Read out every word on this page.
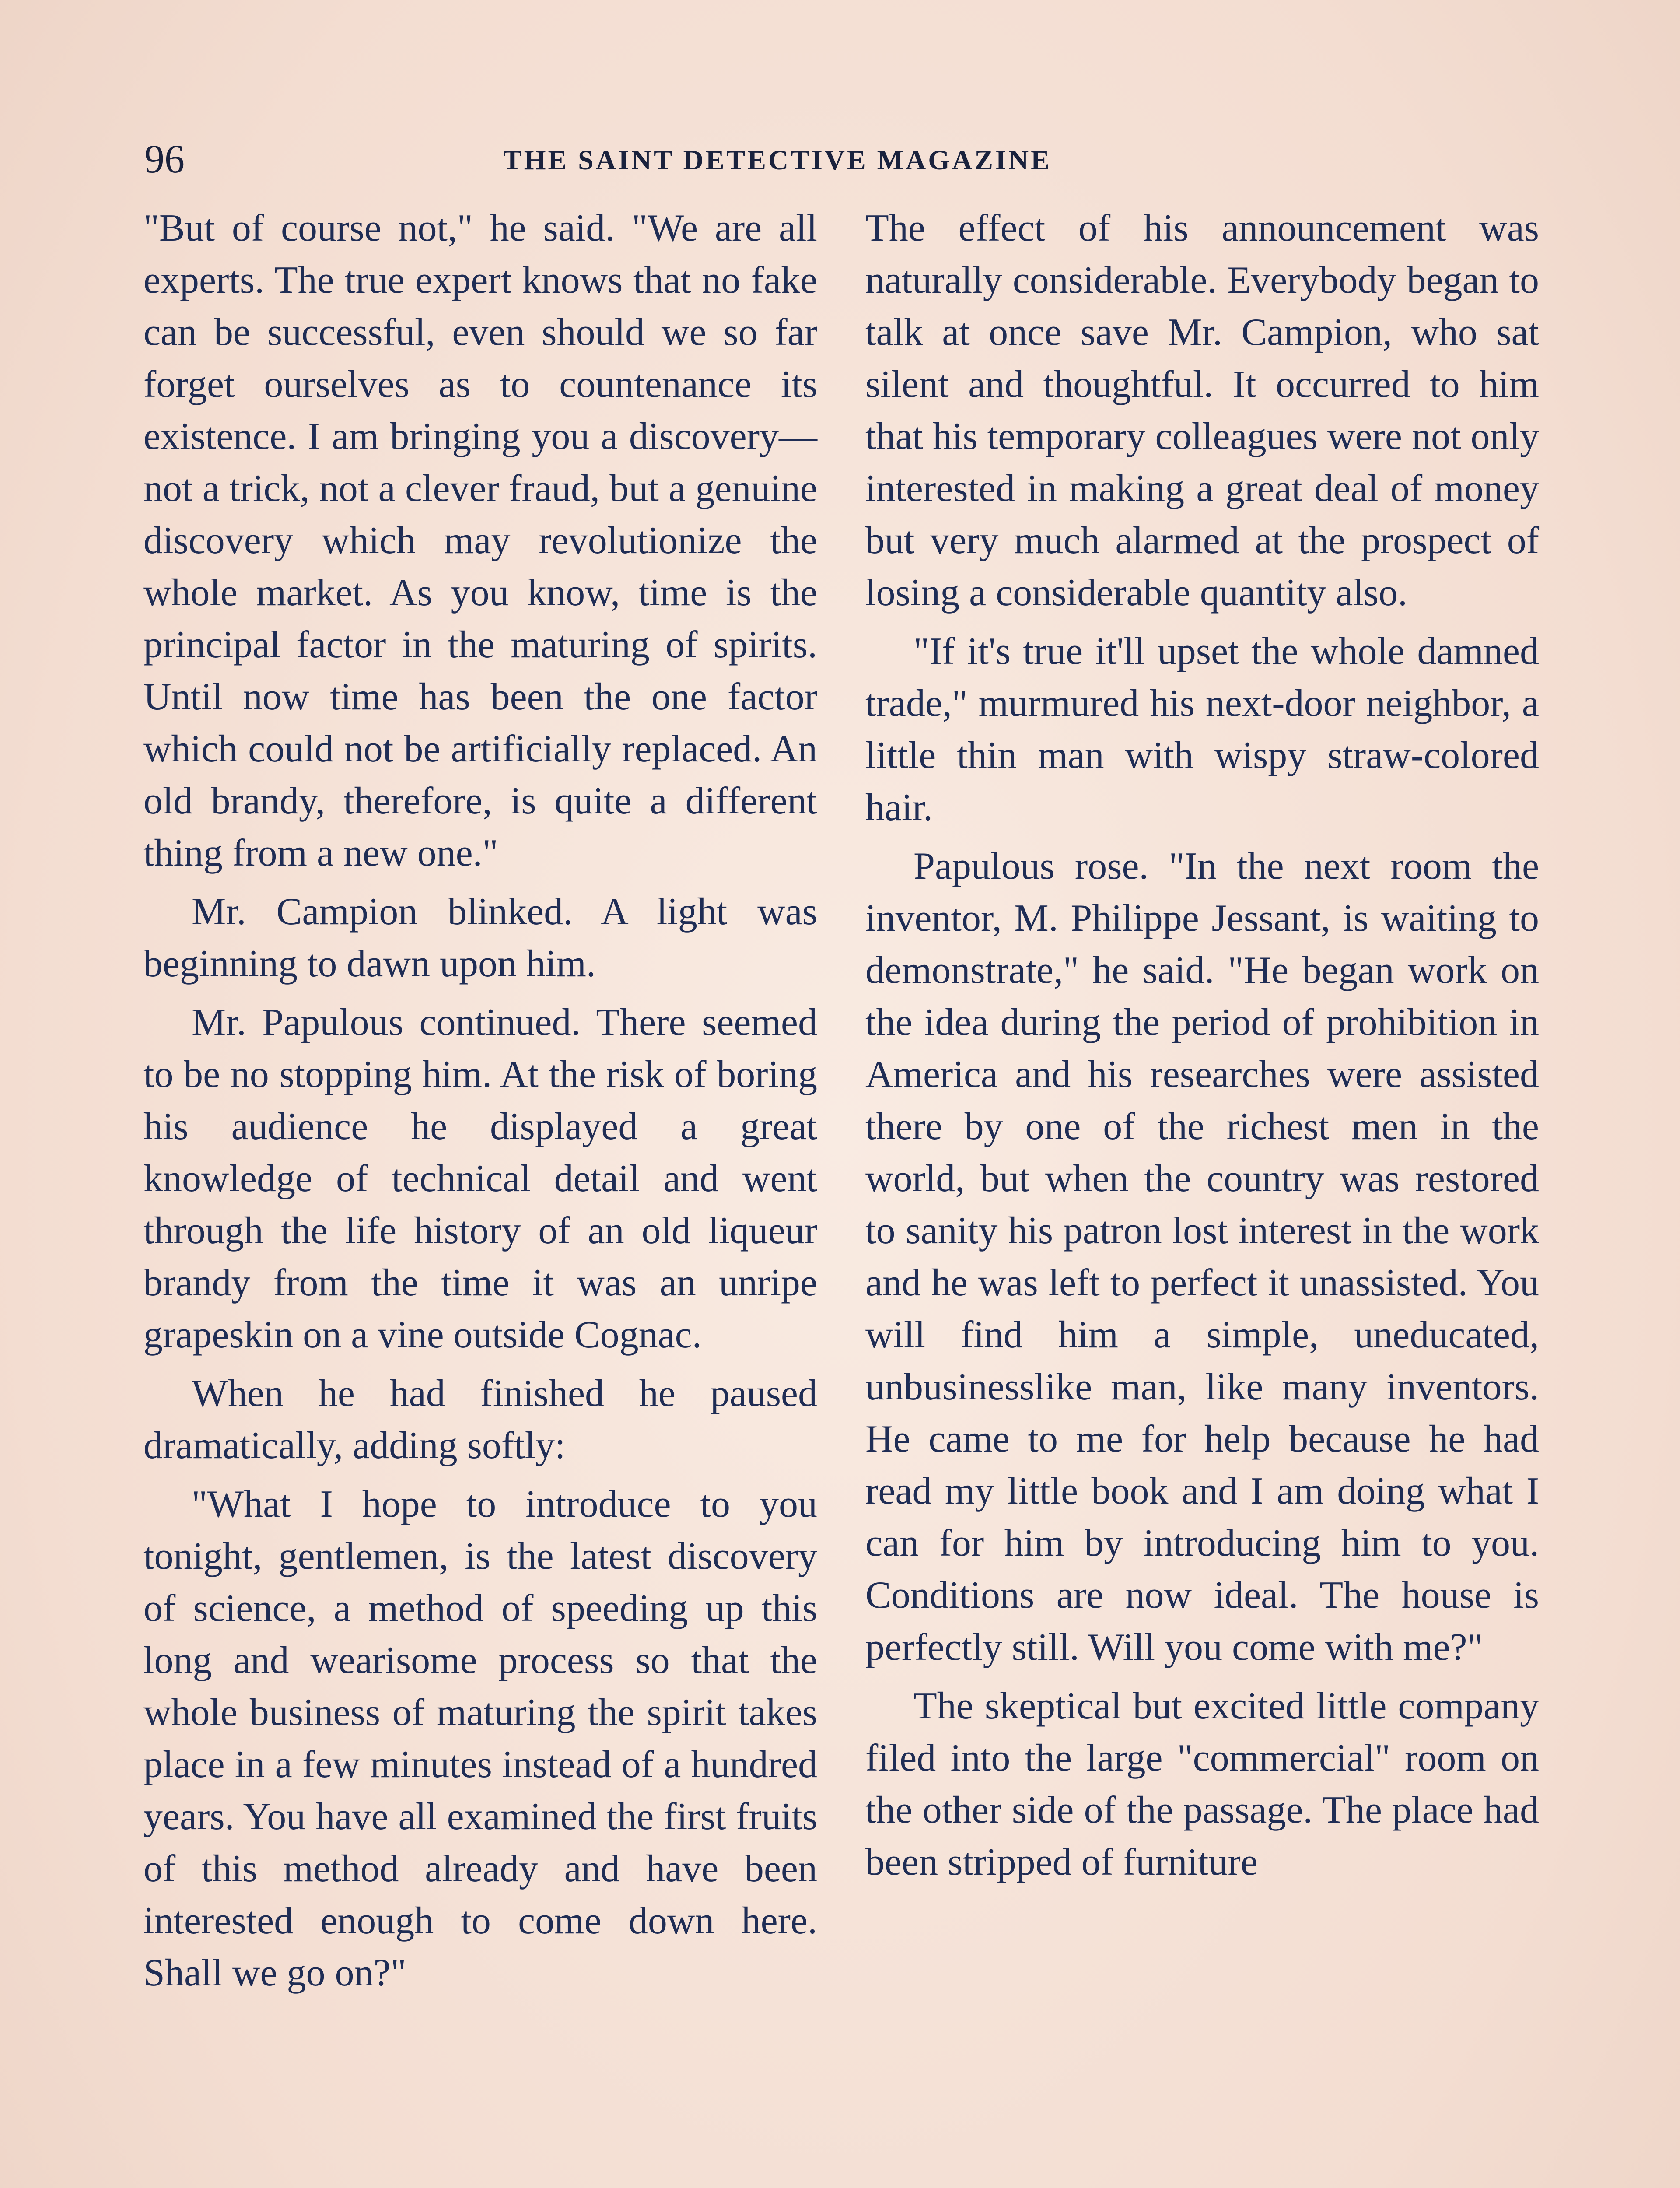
96	THE SAINT DETECTIVE MAGAZINE

"But of course not," he said. "We are all experts. The true expert knows that no fake can be successful, even should we so far forget ourselves as to countenance its existence. I am bringing you a discovery—not a trick, not a clever fraud, but a genuine discovery which may revolutionize the whole market. As you know, time is the principal factor in the maturing of spirits. Until now time has been the one factor which could not be artificially replaced. An old brandy, therefore, is quite a different thing from a new one."

Mr. Campion blinked. A light was beginning to dawn upon him.

Mr. Papulous continued. There seemed to be no stopping him. At the risk of boring his audience he displayed a great knowledge of technical detail and went through the life history of an old liqueur brandy from the time it was an unripe grapeskin on a vine outside Cognac.

When he had finished he paused dramatically, adding softly:

"What I hope to introduce to you tonight, gentlemen, is the latest discovery of science, a method of speeding up this long and wearisome process so that the whole business of maturing the spirit takes place in a few minutes instead of a hundred years. You have all examined the first fruits of this method already and have been interested enough to come down here. Shall we go on?"

The effect of his announcement was naturally considerable. Everybody began to talk at once save Mr. Campion, who sat silent and thoughtful. It occurred to him that his temporary colleagues were not only interested in making a great deal of money but very much alarmed at the prospect of losing a considerable quantity also.

"If it's true it'll upset the whole damned trade," murmured his next-door neighbor, a little thin man with wispy straw-colored hair.

Papulous rose. "In the next room the inventor, M. Philippe Jessant, is waiting to demonstrate," he said. "He began work on the idea during the period of prohibition in America and his researches were assisted there by one of the richest men in the world, but when the country was restored to sanity his patron lost interest in the work and he was left to perfect it unassisted. You will find him a simple, uneducated, unbusinesslike man, like many inventors. He came to me for help because he had read my little book and I am doing what I can for him by introducing him to you. Conditions are now ideal. The house is perfectly still. Will you come with me?"

The skeptical but excited little company filed into the large "commercial" room on the other side of the passage. The place had been stripped of furniture
